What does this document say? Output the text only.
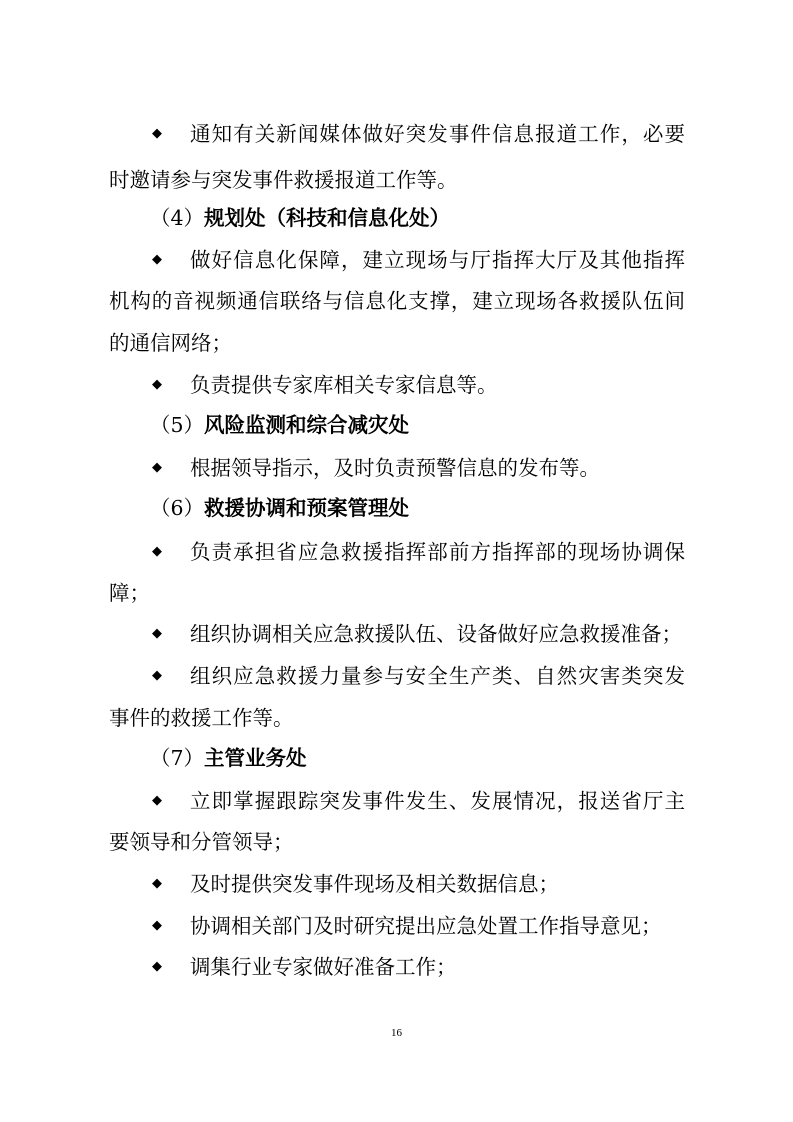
◆ 通知有关新闻媒体做好突发事件信息报道工作，必要
时邀请参与突发事件救援报道工作等。
（4）规划处（科技和信息化处）
◆ 做好信息化保障，建立现场与厅指挥大厅及其他指挥
机构的音视频通信联络与信息化支撑，建立现场各救援队伍间
的通信网络；
◆ 负责提供专家库相关专家信息等。
（5）风险监测和综合减灾处
◆ 根据领导指示，及时负责预警信息的发布等。
（6）救援协调和预案管理处
◆ 负责承担省应急救援指挥部前方指挥部的现场协调保
障；
◆ 组织协调相关应急救援队伍、设备做好应急救援准备；
◆ 组织应急救援力量参与安全生产类、自然灾害类突发
事件的救援工作等。
（7）主管业务处
◆ 立即掌握跟踪突发事件发生、发展情况，报送省厅主
要领导和分管领导；
◆ 及时提供突发事件现场及相关数据信息；
◆ 协调相关部门及时研究提出应急处置工作指导意见；
◆ 调集行业专家做好准备工作；
16
